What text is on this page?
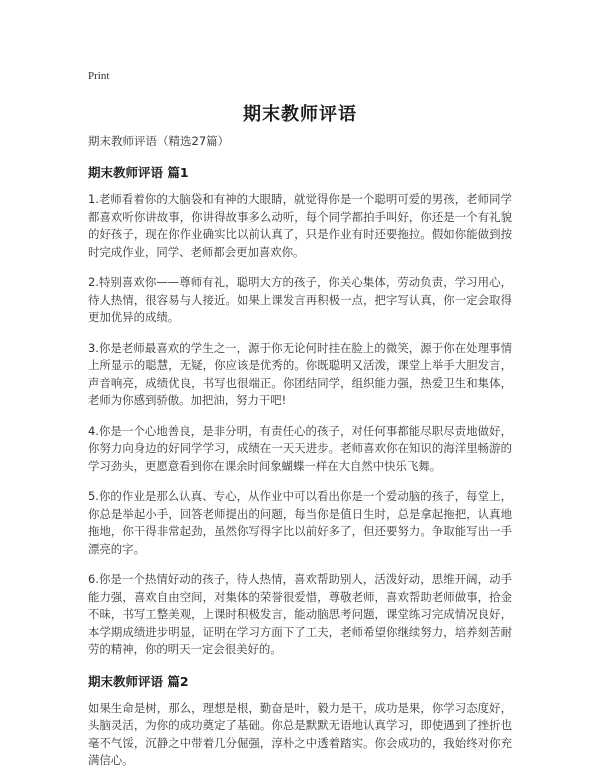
Print
期末教师评语
期末教师评语（精选27篇）
期末教师评语 篇1
1.老师看着你的大脑袋和有神的大眼睛，就觉得你是一个聪明可爱的男孩，老师同学都喜欢听你讲故事，你讲得故事多么动听，每个同学都拍手叫好，你还是一个有礼貌的好孩子，现在你作业确实比以前认真了，只是作业有时还要拖拉。假如你能做到按时完成作业，同学、老师都会更加喜欢你。
2.特别喜欢你——尊师有礼，聪明大方的孩子，你关心集体，劳动负责，学习用心，待人热情，很容易与人接近。如果上课发言再积极一点，把字写认真，你一定会取得更加优异的成绩。
3.你是老师最喜欢的学生之一，源于你无论何时挂在脸上的微笑，源于你在处理事情上所显示的聪慧，无疑，你应该是优秀的。你既聪明又活泼，课堂上举手大胆发言，声音响亮，成绩优良，书写也很端正。你团结同学，组织能力强，热爱卫生和集体，老师为你感到骄傲。加把油，努力干吧!
4.你是一个心地善良，是非分明，有责任心的孩子，对任何事都能尽职尽责地做好，你努力向身边的好同学学习，成绩在一天天进步。老师喜欢你在知识的海洋里畅游的学习劲头，更愿意看到你在课余时间象蝴蝶一样在大自然中快乐飞舞。
5.你的作业是那么认真、专心，从作业中可以看出你是一个爱动脑的孩子，每堂上，你总是举起小手，回答老师提出的问题，每当你是值日生时，总是拿起拖把，认真地拖地，你干得非常起劲，虽然你写得字比以前好多了，但还要努力。争取能写出一手漂亮的字。
6.你是一个热情好动的孩子，待人热情，喜欢帮助别人，活泼好动，思维开阔，动手能力强，喜欢自由空间，对集体的荣誉很爱惜，尊敬老师，喜欢帮助老师做事，拾金不昧，书写工整美观，上课时积极发言，能动脑思考问题，课堂练习完成情况良好，本学期成绩进步明显，证明在学习方面下了工夫，老师希望你继续努力，培养刻苦耐劳的精神，你的明天一定会很美好的。
期末教师评语 篇2
如果生命是树，那么，理想是根，勤奋是叶，毅力是干，成功是果，你学习态度好，头脑灵活，为你的成功奠定了基础。你总是默默无语地认真学习，即使遇到了挫折也毫不气馁，沉静之中带着几分倔强，淳朴之中透着踏实。你会成功的，我始终对你充满信心。
